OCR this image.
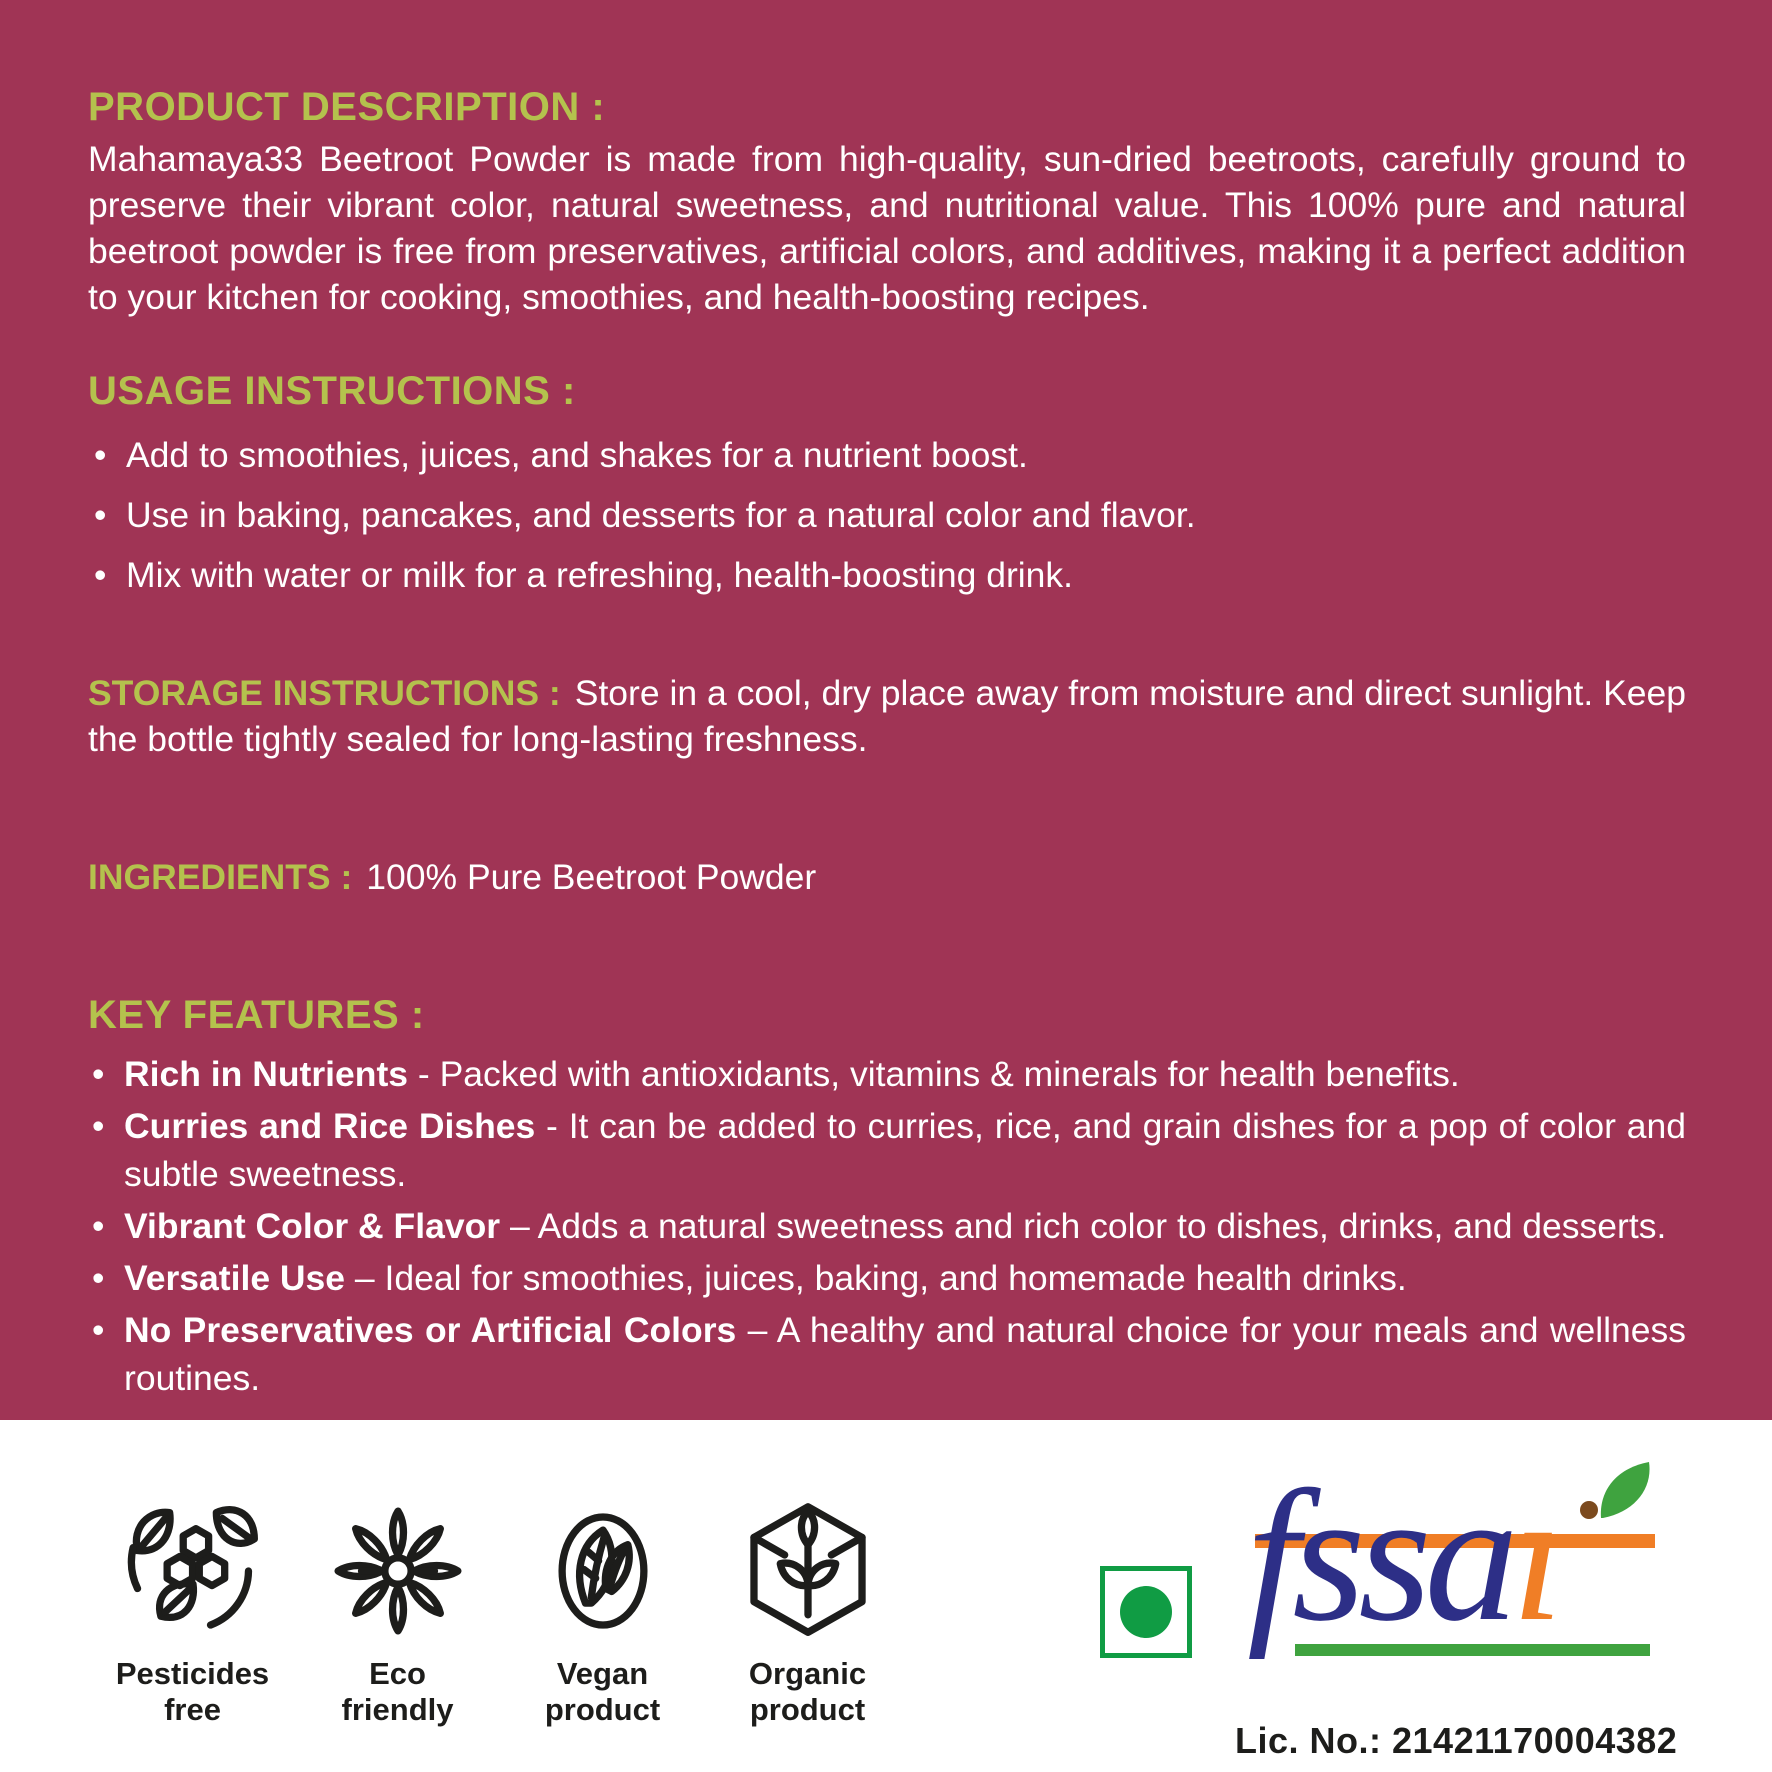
PRODUCT DESCRIPTION :

Mahamaya33 Beetroot Powder is made from high-quality, sun-dried beetroots, carefully ground to preserve their vibrant color, natural sweetness, and nutritional value. This 100% pure and natural beetroot powder is free from preservatives, artificial colors, and additives, making it a perfect addition to your kitchen for cooking, smoothies, and health-boosting recipes.

USAGE INSTRUCTIONS :
• Add to smoothies, juices, and shakes for a nutrient boost.
• Use in baking, pancakes, and desserts for a natural color and flavor.
• Mix with water or milk for a refreshing, health-boosting drink.

STORAGE INSTRUCTIONS : Store in a cool, dry place away from moisture and direct sunlight. Keep the bottle tightly sealed for long-lasting freshness.

INGREDIENTS : 100% Pure Beetroot Powder

KEY FEATURES :
• Rich in Nutrients - Packed with antioxidants, vitamins & minerals for health benefits.
• Curries and Rice Dishes - It can be added to curries, rice, and grain dishes for a pop of color and subtle sweetness.
• Vibrant Color & Flavor – Adds a natural sweetness and rich color to dishes, drinks, and desserts.
• Versatile Use – Ideal for smoothies, juices, baking, and homemade health drinks.
• No Preservatives or Artificial Colors – A healthy and natural choice for your meals and wellness routines.
Pesticides
free
Eco
friendly
Vegan
product
Organic
product
fssaı
Lic. No.: 21421170004382
